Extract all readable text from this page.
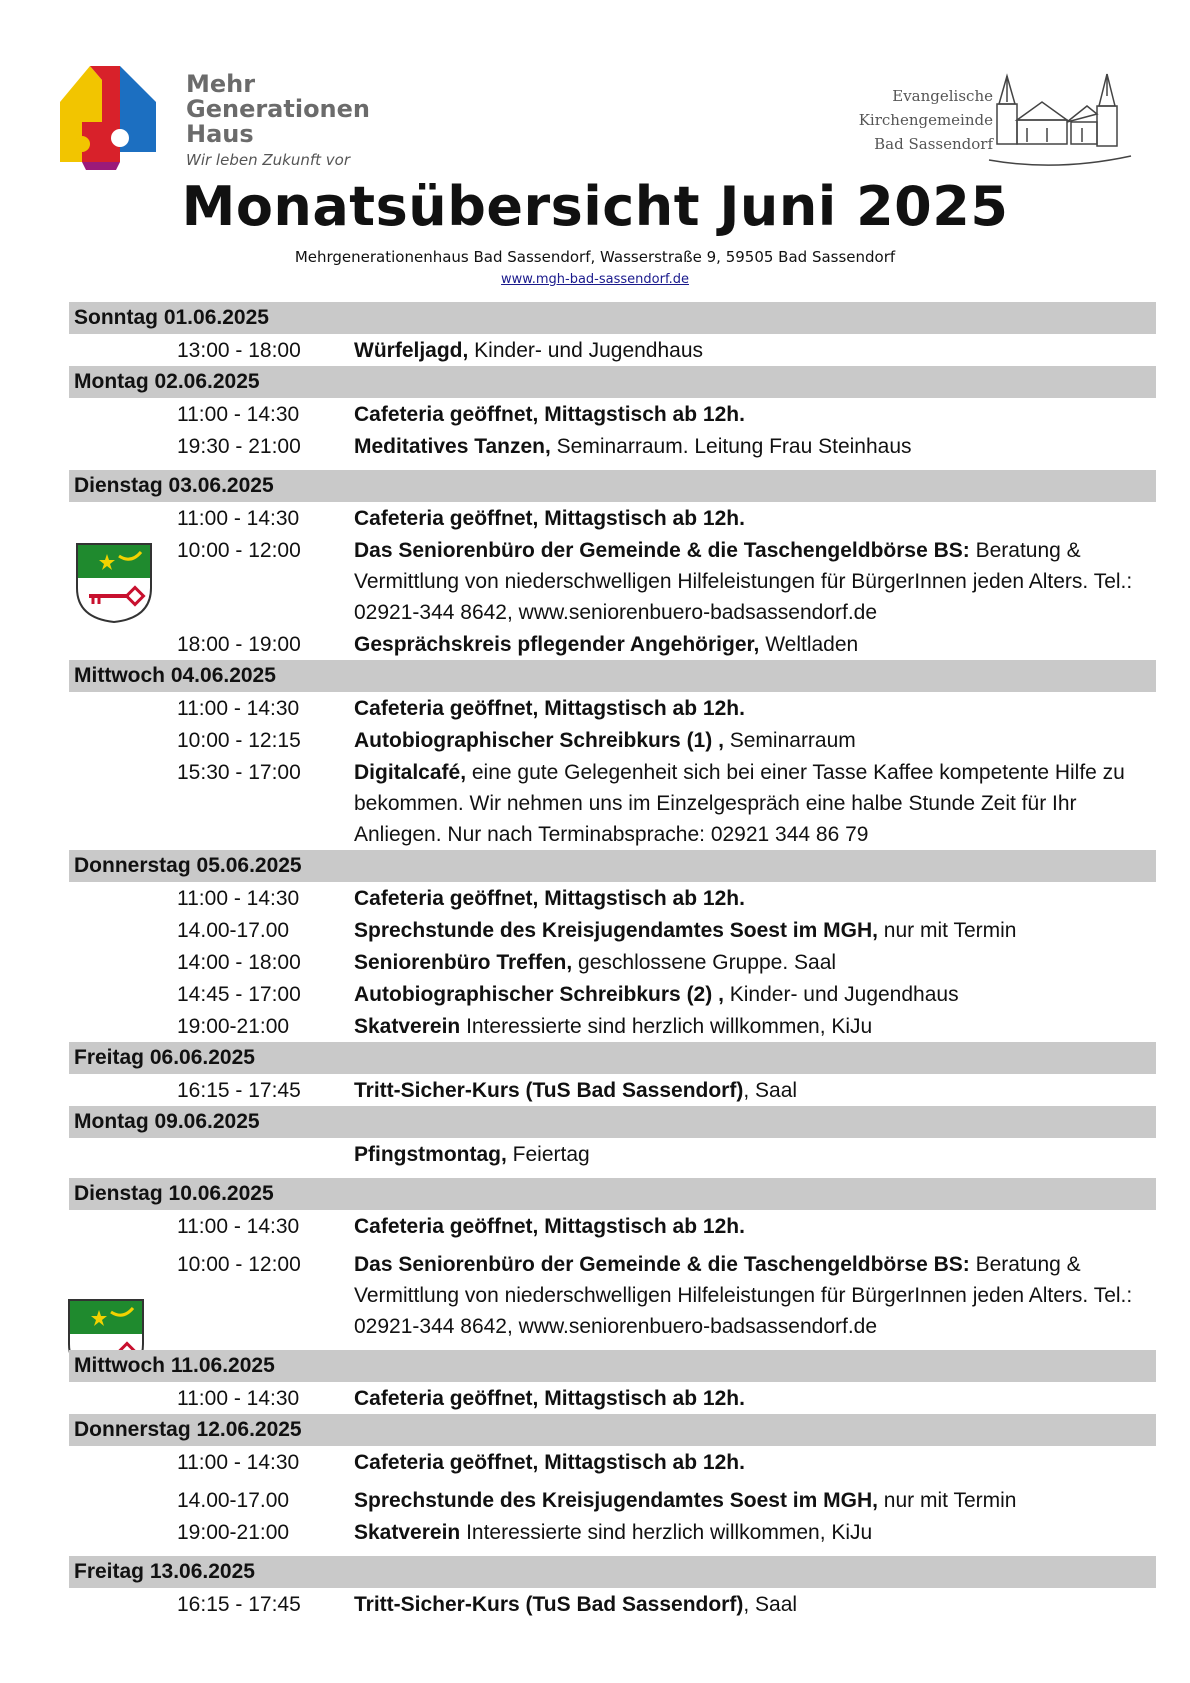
Mehr
Generationen
Haus
Wir leben Zukunft vor
Evangelische
Kirchengemeinde
Bad Sassendorf
Monatsübersicht Juni 2025
Mehrgenerationenhaus Bad Sassendorf, Wasserstraße 9, 59505 Bad Sassendorf
www.mgh-bad-sassendorf.de
Sonntag 01.06.2025
13:00 - 18:00	Würfeljagd, Kinder- und Jugendhaus
Montag 02.06.2025
11:00 - 14:30	Cafeteria geöffnet, Mittagstisch ab 12h.
19:30 - 21:00	Meditatives Tanzen, Seminarraum. Leitung Frau Steinhaus
Dienstag 03.06.2025
11:00 - 14:30	Cafeteria geöffnet, Mittagstisch ab 12h.
10:00 - 12:00	Das Seniorenbüro der Gemeinde & die Taschengeldbörse BS: Beratung & Vermittlung von niederschwelligen Hilfeleistungen für BürgerInnen jeden Alters. Tel.: 02921-344 8642, www.seniorenbuero-badsassendorf.de
18:00 - 19:00	Gesprächskreis pflegender Angehöriger, Weltladen
Mittwoch 04.06.2025
11:00 - 14:30	Cafeteria geöffnet, Mittagstisch ab 12h.
10:00 - 12:15	Autobiographischer Schreibkurs (1) , Seminarraum
15:30 - 17:00	Digitalcafé, eine gute Gelegenheit sich bei einer Tasse Kaffee kompetente Hilfe zu bekommen. Wir nehmen uns im Einzelgespräch eine halbe Stunde Zeit für Ihr Anliegen. Nur nach Terminabsprache: 02921 344 86 79
Donnerstag 05.06.2025
11:00 - 14:30	Cafeteria geöffnet, Mittagstisch ab 12h.
14.00-17.00	Sprechstunde des Kreisjugendamtes Soest im MGH, nur mit Termin
14:00 - 18:00	Seniorenbüro Treffen, geschlossene Gruppe. Saal
14:45 - 17:00	Autobiographischer Schreibkurs (2) , Kinder- und Jugendhaus
19:00-21:00	Skatverein Interessierte sind herzlich willkommen, KiJu
Freitag 06.06.2025
16:15 - 17:45	Tritt-Sicher-Kurs (TuS Bad Sassendorf), Saal
Montag 09.06.2025
Pfingstmontag, Feiertag
Dienstag 10.06.2025
11:00 - 14:30	Cafeteria geöffnet, Mittagstisch ab 12h.
10:00 - 12:00	Das Seniorenbüro der Gemeinde & die Taschengeldbörse BS: Beratung & Vermittlung von niederschwelligen Hilfeleistungen für BürgerInnen jeden Alters. Tel.: 02921-344 8642, www.seniorenbuero-badsassendorf.de
Mittwoch 11.06.2025
11:00 - 14:30	Cafeteria geöffnet, Mittagstisch ab 12h.
Donnerstag 12.06.2025
11:00 - 14:30	Cafeteria geöffnet, Mittagstisch ab 12h.
14.00-17.00	Sprechstunde des Kreisjugendamtes Soest im MGH, nur mit Termin
19:00-21:00	Skatverein Interessierte sind herzlich willkommen, KiJu
Freitag 13.06.2025
16:15 - 17:45	Tritt-Sicher-Kurs (TuS Bad Sassendorf), Saal
